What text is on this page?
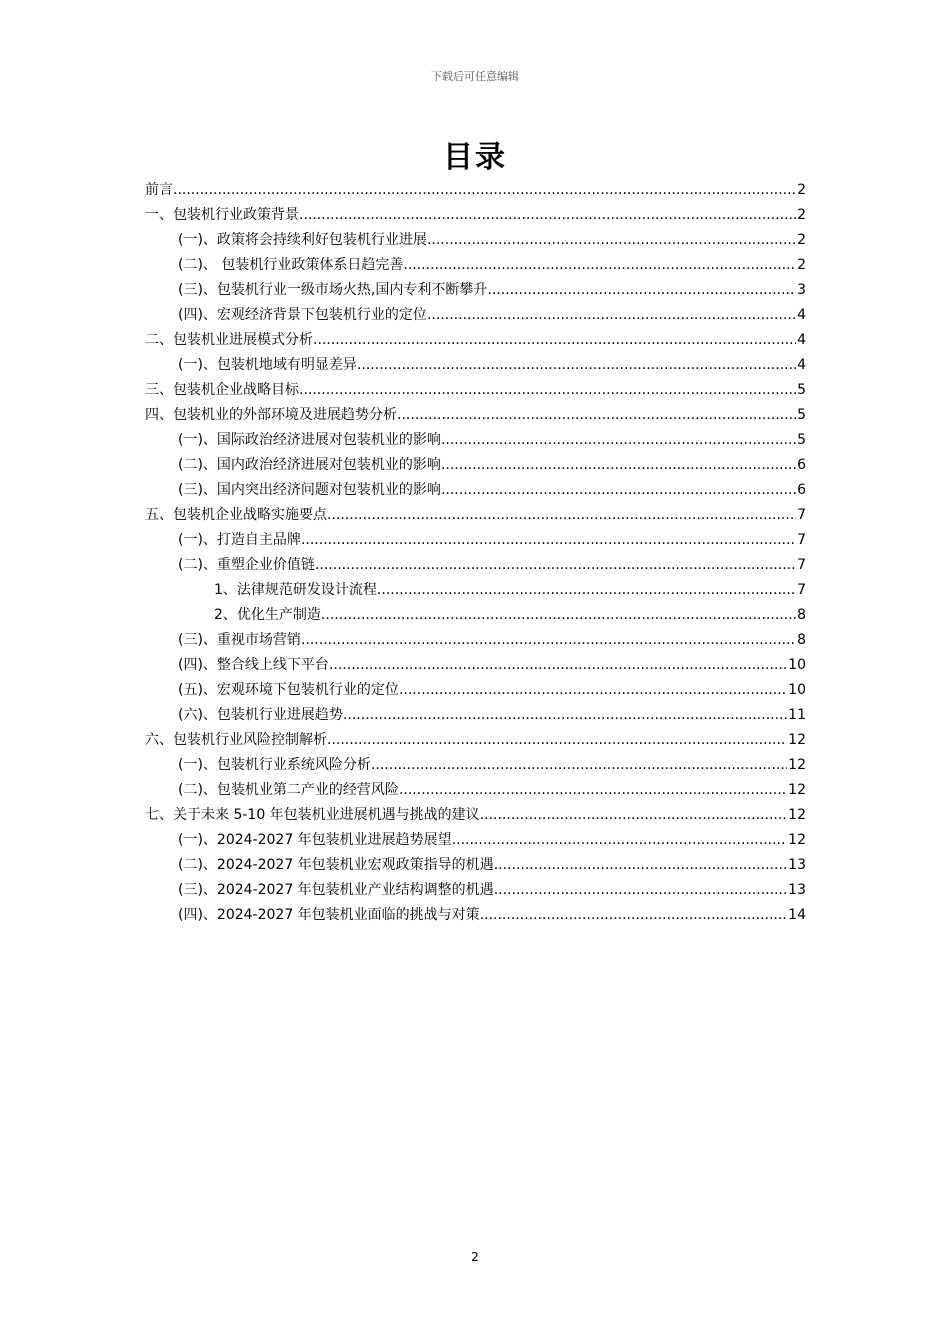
下载后可任意编辑
目录
前言 .....	2
一、包装机行业政策背景 .....	2
(一)、政策将会持续利好包装机行业进展 .....	2
(二)、 包装机行业政策体系日趋完善 .....	2
(三)、包装机行业一级市场火热,国内专利不断攀升 .....	3
(四)、宏观经济背景下包装机行业的定位 .....	4
二、包装机业进展模式分析 .....	4
(一)、包装机地域有明显差异 .....	4
三、包装机企业战略目标 .....	5
四、包装机业的外部环境及进展趋势分析 .....	5
(一)、国际政治经济进展对包装机业的影响 .....	5
(二)、国内政治经济进展对包装机业的影响 .....	6
(三)、国内突出经济问题对包装机业的影响 .....	6
五、包装机企业战略实施要点 .....	7
(一)、打造自主品牌 .....	7
(二)、重塑企业价值链 .....	7
1、法律规范研发设计流程 .....	7
2、优化生产制造 .....	8
(三)、重视市场营销 .....	8
(四)、整合线上线下平台 .....	10
(五)、宏观环境下包装机行业的定位 .....	10
(六)、包装机行业进展趋势 .....	11
六、包装机行业风险控制解析 .....	12
(一)、包装机行业系统风险分析 .....	12
(二)、包装机业第二产业的经营风险 .....	12
七、关于未来 5-10 年包装机业进展机遇与挑战的建议 .....	12
(一)、2024-2027 年包装机业进展趋势展望 .....	12
(二)、2024-2027 年包装机业宏观政策指导的机遇 .....	13
(三)、2024-2027 年包装机业产业结构调整的机遇 .....	13
(四)、2024-2027 年包装机业面临的挑战与对策 .....	14
2
